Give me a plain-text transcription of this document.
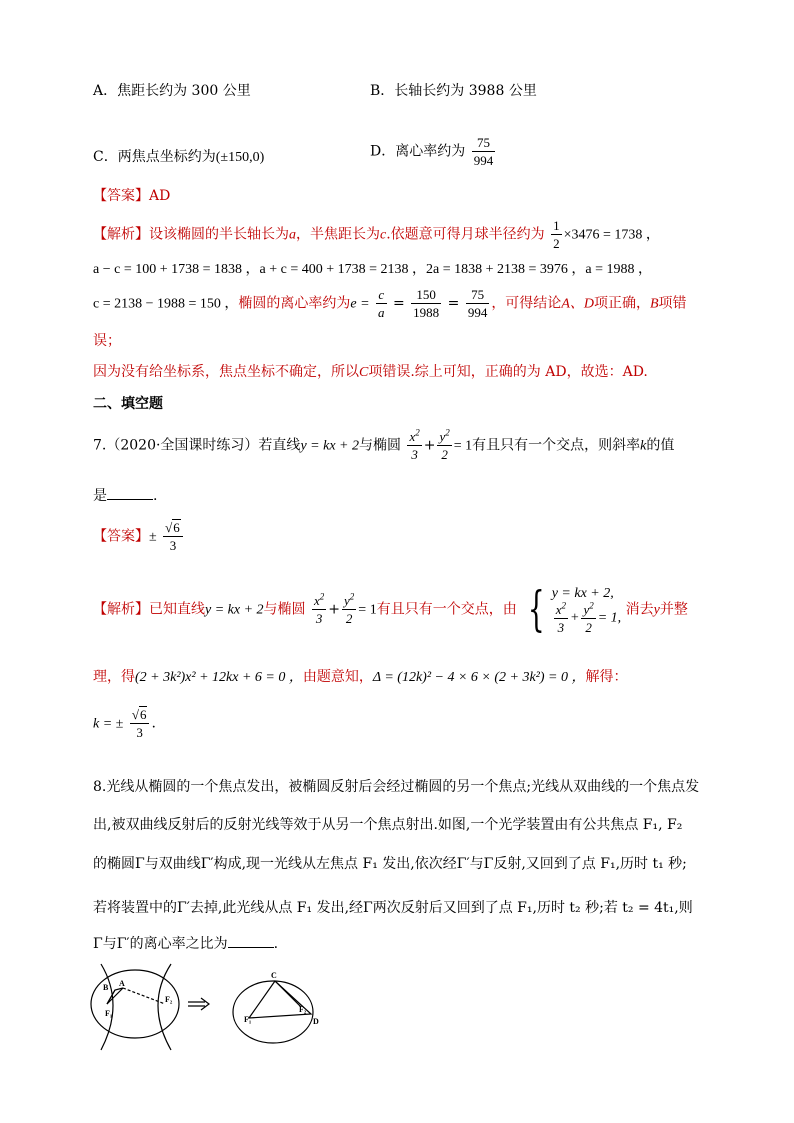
A．焦距长约为 300 公里	B．长轴长约为 3988 公里
C．两焦点坐标约为(±150,0)	D．离心率约为 $\frac{75}{994}$
【答案】AD
【解析】设该椭圆的半长轴长为a，半焦距长为c.依题意可得月球半径约为 $\frac{1}{2} \times 3476 = 1738$ ，
a − c = 100 + 1738 = 1838 ，a + c = 400 + 1738 = 2138 ，2a = 1838 + 2138 = 3976 ，a = 1988 ，
c = 2138 − 1988 = 150 ，椭圆的离心率约为$e = \frac{c}{a} = \frac{150}{1988} = \frac{75}{994}$ ，可得结论A、D项正确，B项错
误；
因为没有给坐标系，焦点坐标不确定，所以C项错误.综上可知，正确的为 AD，故选：AD.
二、填空题
7.（2020·全国课时练习）若直线y = kx + 2与椭圆 $\frac{x^2}{3} + \frac{y^2}{2} = 1$有且只有一个交点，则斜率k的值
是	.
【答案】± $\frac{√6}{3}$
【解析】已知直线y = kx + 2与椭圆 $\frac{x^2}{3} + \frac{y^2}{2} = 1$有且只有一个交点，由 { y = kx + 2,

$\frac{x^2}{3} + \frac{y^2}{2} = 1$, 消去y并整
理，得(2 + 3k²)x² + 12kx + 6 = 0 ，由题意知，Δ = (12k)² − 4 × 6 × (2 + 3k²) = 0 ，解得：
k = ± $\frac{√6}{3}$ .
8.光线从椭圆的一个焦点发出，被椭圆反射后会经过椭圆的另一个焦点;光线从双曲线的一个焦点发
出,被双曲线反射后的反射光线等效于从另一个焦点射出.如图,一个光学装置由有公共焦点 F₁, F₂
的椭圆Γ与双曲线Γ′构成,现一光线从左焦点 F₁ 发出,依次经Γ′与Γ反射,又回到了点 F₁,历时 t₁ 秒;
若将装置中的Γ′去掉,此光线从点 F₁ 发出,经Γ两次反射后又回到了点 F₁,历时 t₂ 秒;若 t₂ = 4t₁,则
Γ与Γ′的离心率之比为	.
B A
F₁
F₂
C
F₁
F₂
D
